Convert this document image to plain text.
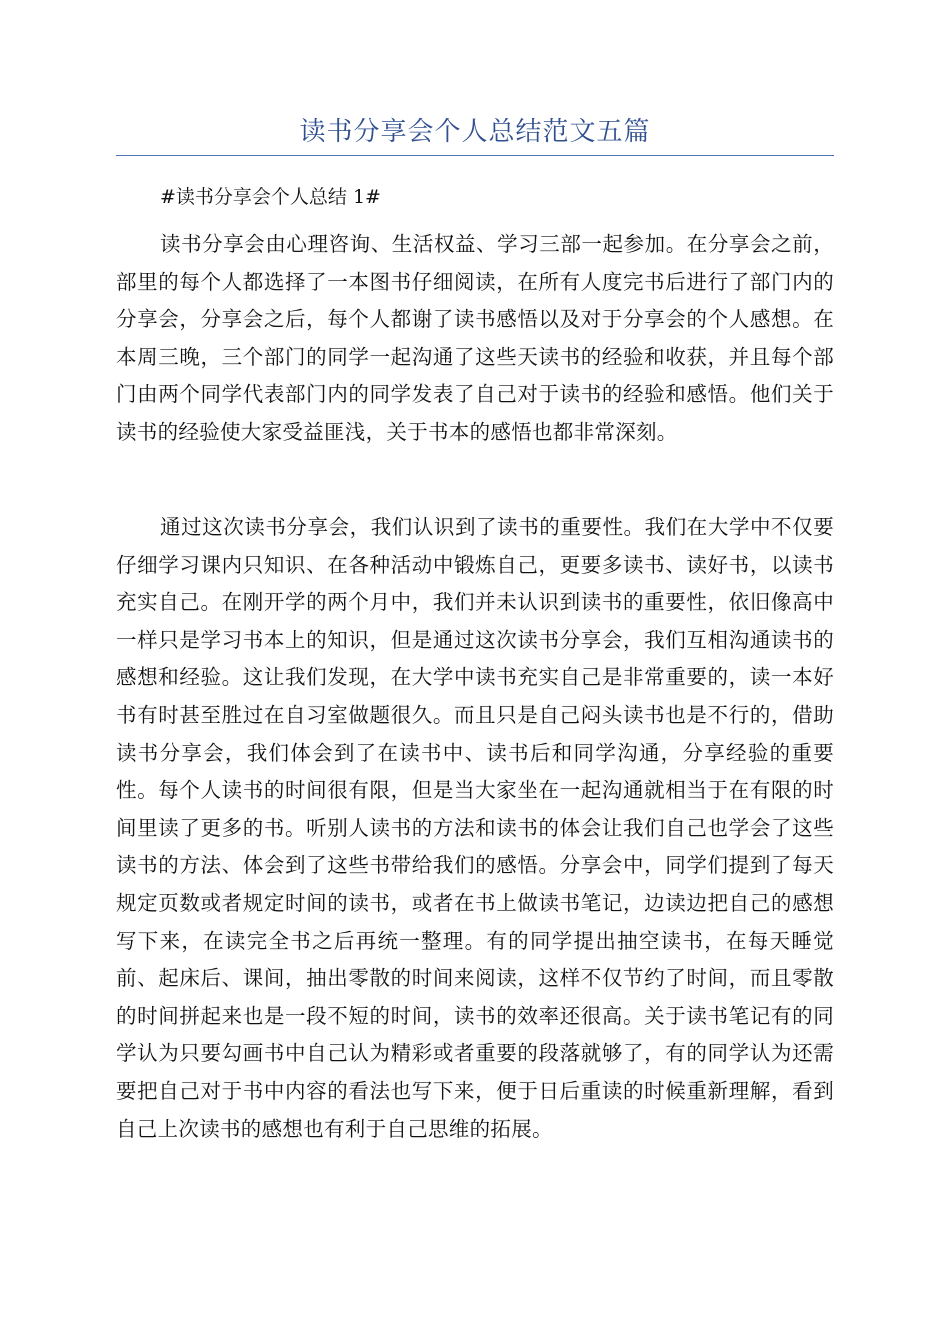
读书分享会个人总结范文五篇

#读书分享会个人总结 1#

读书分享会由心理咨询、生活权益、学习三部一起参加。在分享会之前，部里的每个人都选择了一本图书仔细阅读，在所有人度完书后进行了部门内的分享会，分享会之后，每个人都谢了读书感悟以及对于分享会的个人感想。在本周三晚，三个部门的同学一起沟通了这些天读书的经验和收获，并且每个部门由两个同学代表部门内的同学发表了自己对于读书的经验和感悟。他们关于读书的经验使大家受益匪浅，关于书本的感悟也都非常深刻。

通过这次读书分享会，我们认识到了读书的重要性。我们在大学中不仅要仔细学习课内只知识、在各种活动中锻炼自己，更要多读书、读好书，以读书充实自己。在刚开学的两个月中，我们并未认识到读书的重要性，依旧像高中一样只是学习书本上的知识，但是通过这次读书分享会，我们互相沟通读书的感想和经验。这让我们发现，在大学中读书充实自己是非常重要的，读一本好书有时甚至胜过在自习室做题很久。而且只是自己闷头读书也是不行的，借助读书分享会，我们体会到了在读书中、读书后和同学沟通，分享经验的重要性。每个人读书的时间很有限，但是当大家坐在一起沟通就相当于在有限的时间里读了更多的书。听别人读书的方法和读书的体会让我们自己也学会了这些读书的方法、体会到了这些书带给我们的感悟。分享会中，同学们提到了每天规定页数或者规定时间的读书，或者在书上做读书笔记，边读边把自己的感想写下来，在读完全书之后再统一整理。有的同学提出抽空读书，在每天睡觉前、起床后、课间，抽出零散的时间来阅读，这样不仅节约了时间，而且零散的时间拼起来也是一段不短的时间，读书的效率还很高。关于读书笔记有的同学认为只要勾画书中自己认为精彩或者重要的段落就够了，有的同学认为还需要把自己对于书中内容的看法也写下来，便于日后重读的时候重新理解，看到自己上次读书的感想也有利于自己思维的拓展。
